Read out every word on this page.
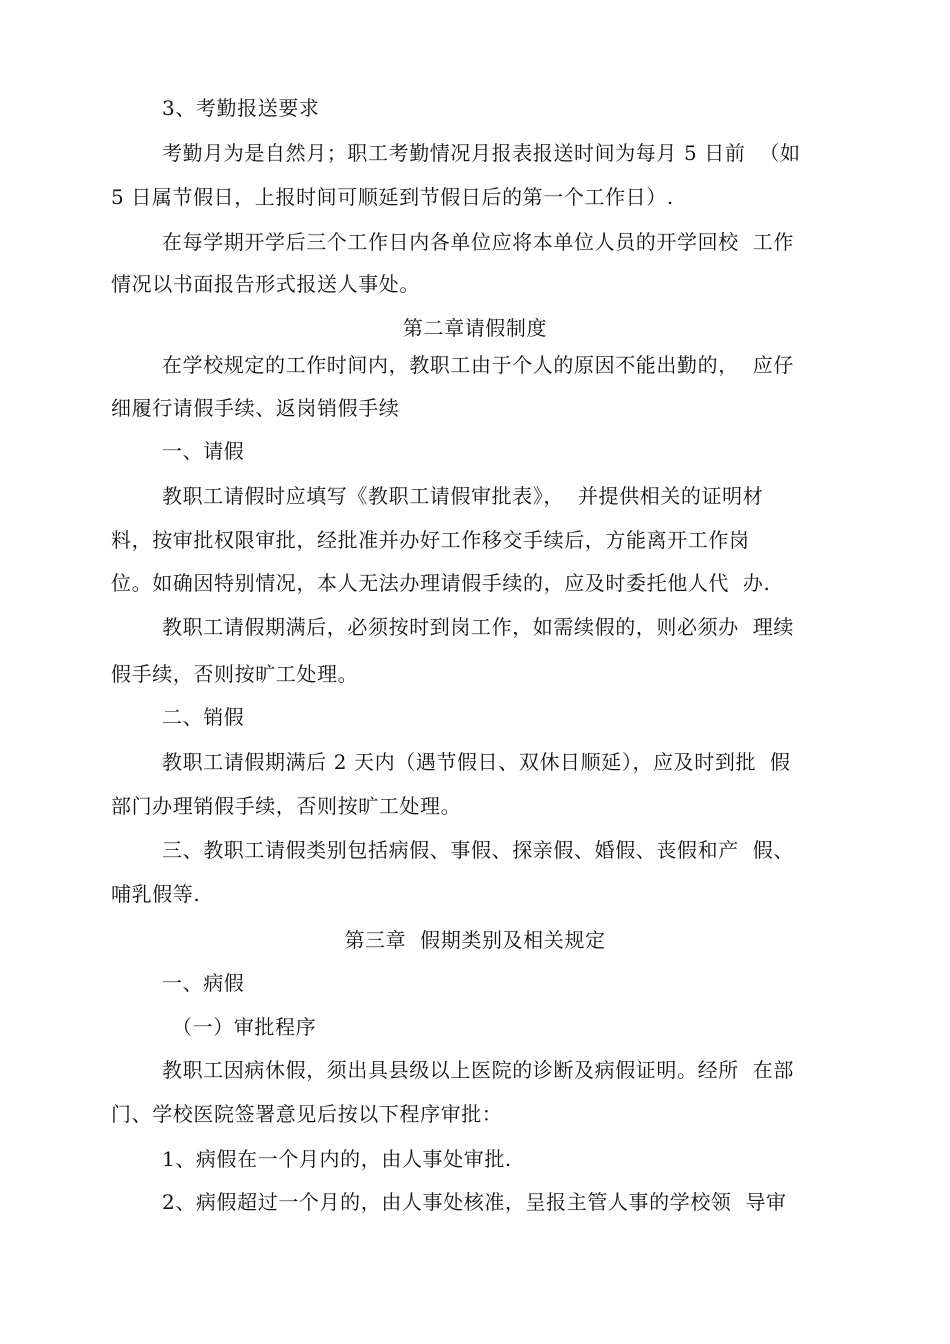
3、考勤报送要求
考勤月为是自然月；职工考勤情况月报表报送时间为每月 5 日前  （如
5 日属节假日，上报时间可顺延到节假日后的第一个工作日）.
在每学期开学后三个工作日内各单位应将本单位人员的开学回校  工作
情况以书面报告形式报送人事处。
第二章请假制度
在学校规定的工作时间内，教职工由于个人的原因不能出勤的，  应仔
细履行请假手续、返岗销假手续
一、请假
教职工请假时应填写《教职工请假审批表》，  并提供相关的证明材
料，按审批权限审批，经批准并办好工作移交手续后，方能离开工作岗
位。如确因特别情况，本人无法办理请假手续的，应及时委托他人代  办.
教职工请假期满后，必须按时到岗工作，如需续假的，则必须办  理续
假手续，否则按旷工处理。
二、销假
教职工请假期满后 2 天内（遇节假日、双休日顺延），应及时到批  假
部门办理销假手续，否则按旷工处理。
三、教职工请假类别包括病假、事假、探亲假、婚假、丧假和产  假、
哺乳假等.
第三章  假期类别及相关规定
一、病假
（一）审批程序
教职工因病休假，须出具县级以上医院的诊断及病假证明。经所  在部
门、学校医院签署意见后按以下程序审批：
1、病假在一个月内的，由人事处审批.
2、病假超过一个月的，由人事处核准，呈报主管人事的学校领  导审
